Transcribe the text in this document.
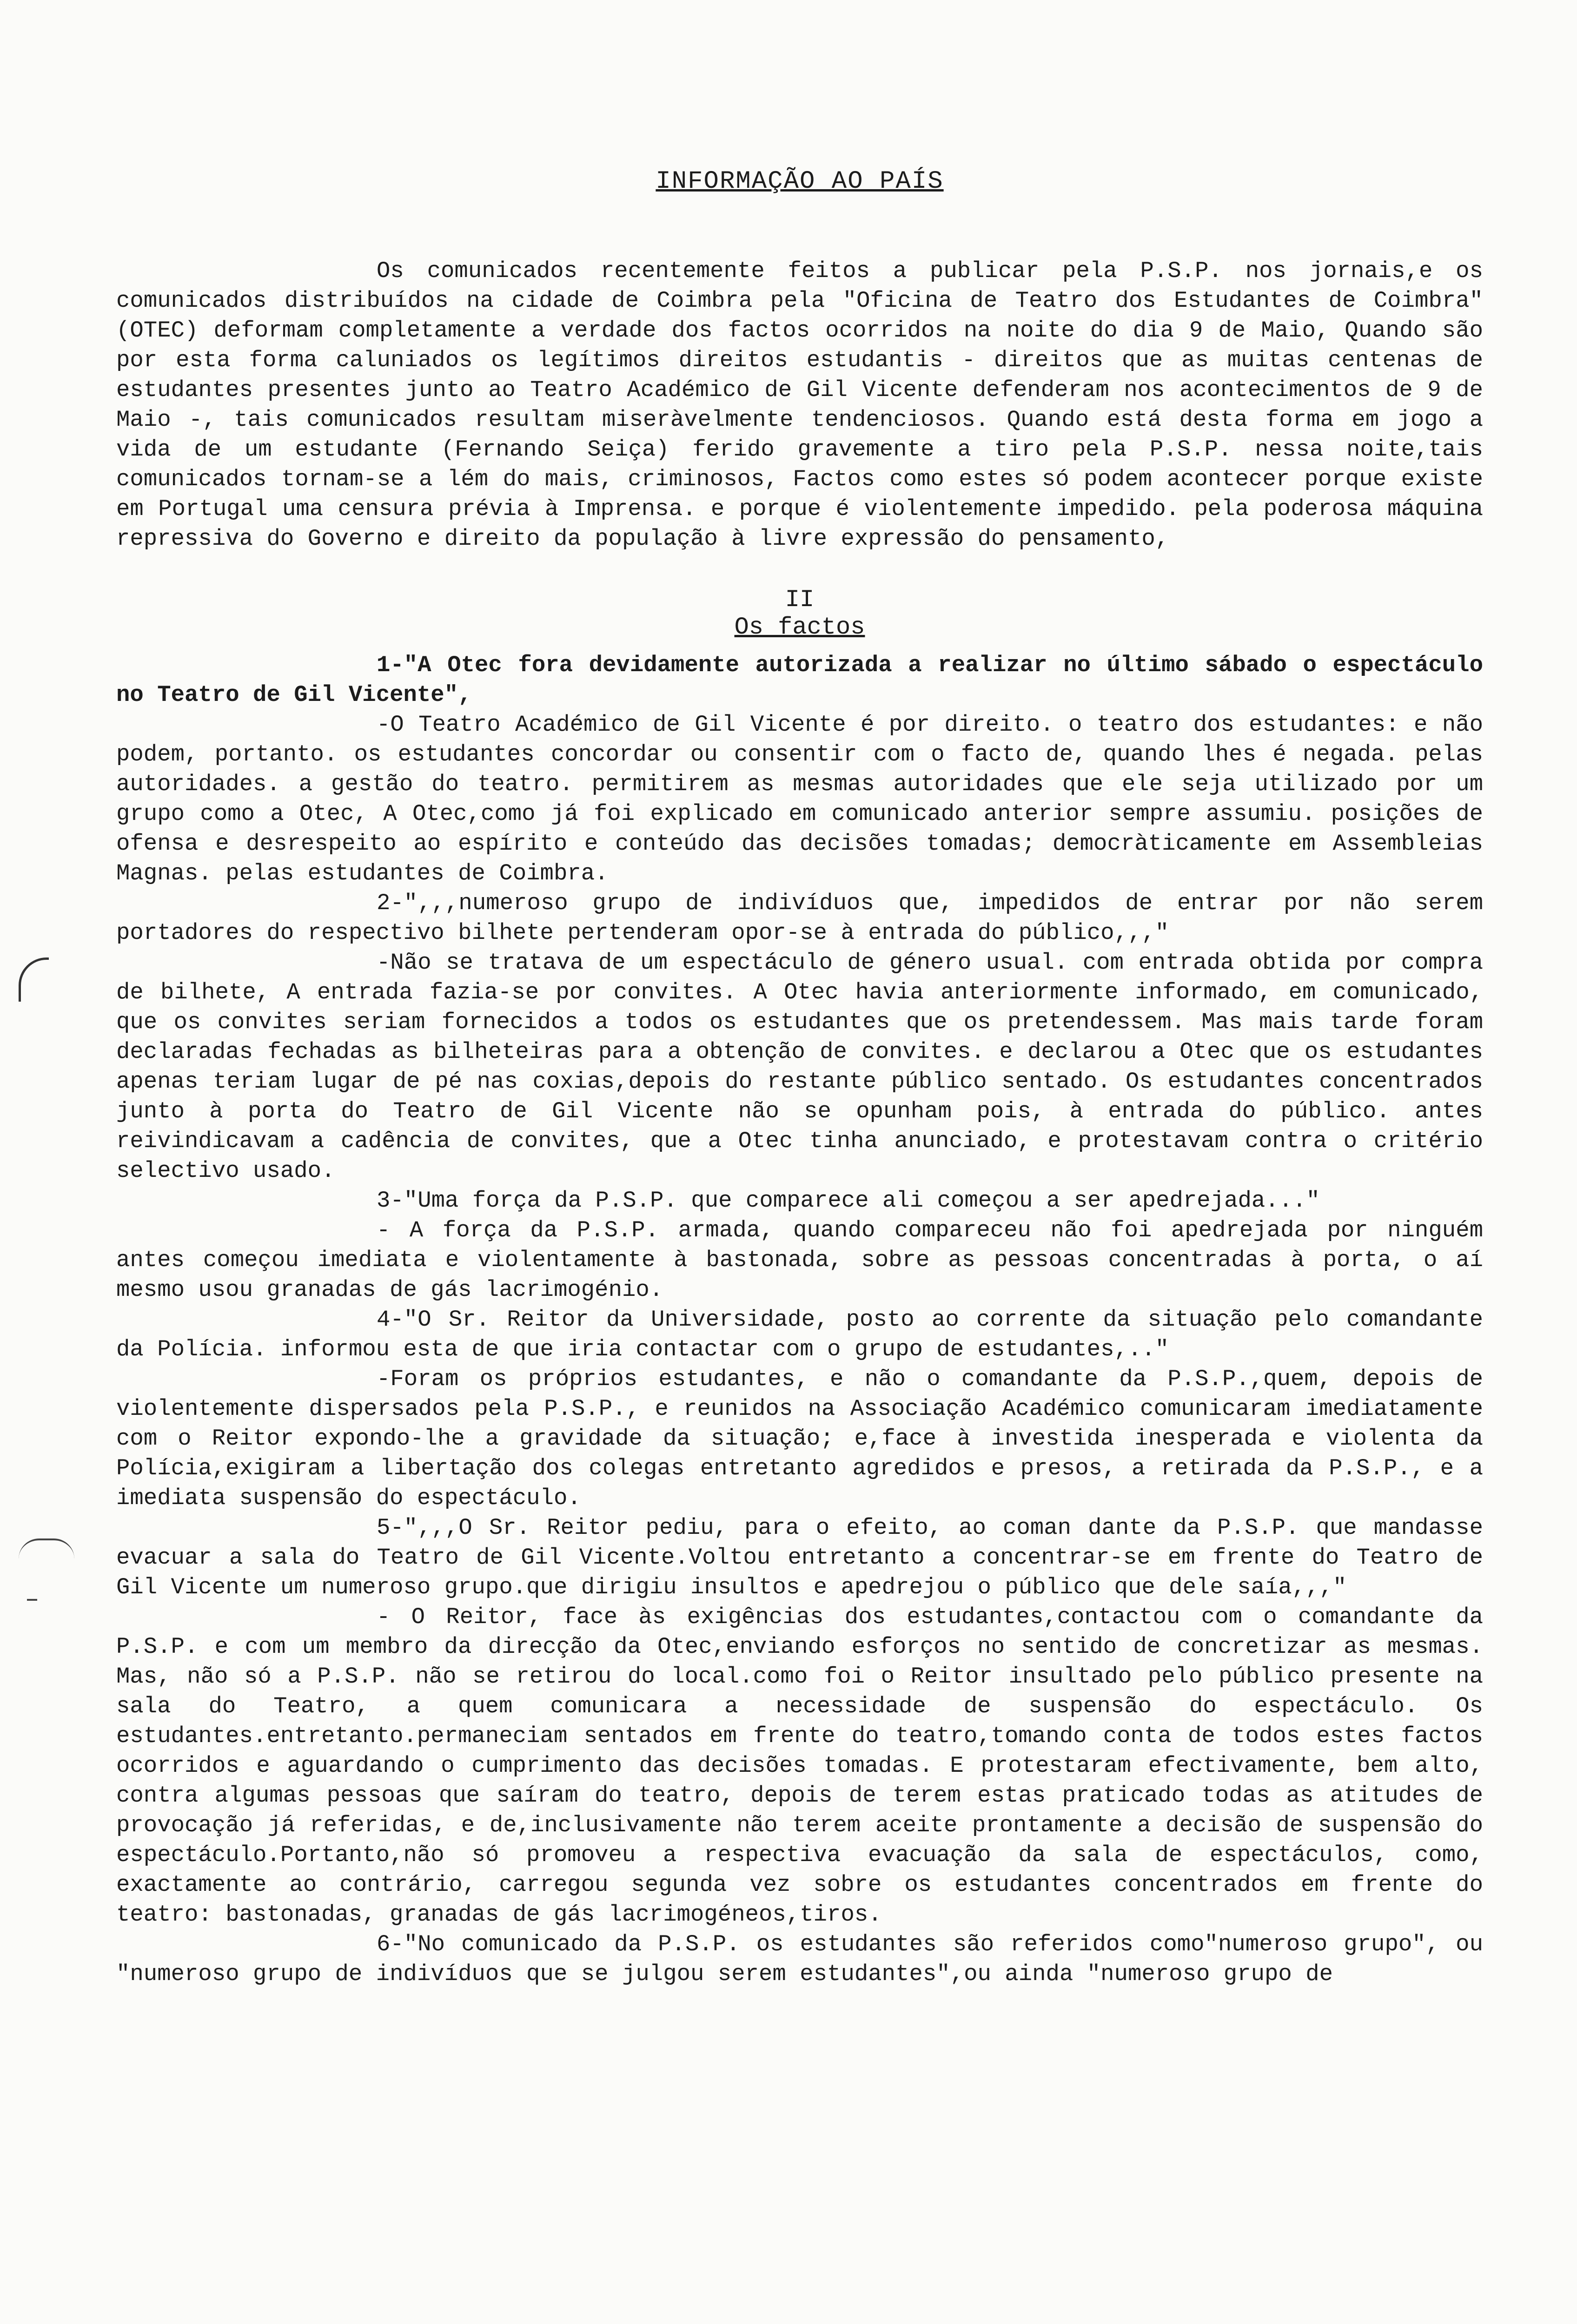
INFORMAÇÃO AO PAÍS

Os comunicados recentemente feitos a publicar pela P.S.P. nos jornais,e os comunicados distribuídos na cidade de Coimbra pela "Oficina de Teatro dos Estudantes de Coimbra" (OTEC) deformam completamente a verdade dos factos ocorridos na noite do dia 9 de Maio, Quando são por esta forma caluniados os legítimos direitos estudantis - direitos que as muitas centenas de estudantes presentes junto ao Teatro Académico de Gil Vicente defenderam nos acontecimentos de 9 de Maio -, tais comunicados resultam miseràvelmente tendenciosos. Quando está desta forma em jogo a vida de um estudante (Fernando Seiça) ferido gravemente a tiro pela P.S.P. nessa noite,tais comunicados tornam-se a lém do mais, criminosos, Factos como estes só podem acontecer porque existe em Portugal uma censura prévia à Imprensa. e porque é violentemente impedido. pela poderosa máquina repressiva do Governo e direito da população à livre expressão do pensamento,

II
Os factos

1-"A Otec fora devidamente autorizada a realizar no último sábado o espectáculo no Teatro de Gil Vicente",

-O Teatro Académico de Gil Vicente é por direito. o teatro dos estudantes: e não podem, portanto. os estudantes concordar ou consentir com o facto de, quando lhes é negada. pelas autoridades. a gestão do teatro. permitirem as mesmas autoridades que ele seja utilizado por um grupo como a Otec, A Otec,como já foi explicado em comunicado anterior sempre assumiu. posições de ofensa e desrespeito ao espírito e conteúdo das decisões tomadas; democràticamente em Assembleias Magnas. pelas estudantes de Coimbra.

2-",,,numeroso grupo de indivíduos que, impedidos de entrar por não serem portadores do respectivo bilhete pertenderam opor-se à entrada do público,,,"

-Não se tratava de um espectáculo de género usual. com entrada obtida por compra de bilhete, A entrada fazia-se por convites. A Otec havia anteriormente informado, em comunicado, que os convites seriam fornecidos a todos os estudantes que os pretendessem. Mas mais tarde foram declaradas fechadas as bilheteiras para a obtenção de convites. e declarou a Otec que os estudantes apenas teriam lugar de pé nas coxias,depois do restante público sentado. Os estudantes concentrados junto à porta do Teatro de Gil Vicente não se opunham pois, à entrada do público. antes reivindicavam a cadência de convites, que a Otec tinha anunciado, e protestavam contra o critério selectivo usado.

3-"Uma força da P.S.P. que comparece ali começou a ser apedrejada..."

- A força da P.S.P. armada, quando compareceu não foi apedrejada por ninguém antes começou imediata e violentamente à bastonada, sobre as pessoas concentradas à porta, o aí mesmo usou granadas de gás lacrimogénio.

4-"O Sr. Reitor da Universidade, posto ao corrente da situação pelo comandante da Polícia. informou esta de que iria contactar com o grupo de estudantes,.."

-Foram os próprios estudantes, e não o comandante da P.S.P.,quem, depois de violentemente dispersados pela P.S.P., e reunidos na Associação Académico comunicaram imediatamente com o Reitor expondo-lhe a gravidade da situação; e,face à investida inesperada e violenta da Polícia,exigiram a libertação dos colegas entretanto agredidos e presos, a retirada da P.S.P., e a imediata suspensão do espectáculo.

5-",,,O Sr. Reitor pediu, para o efeito, ao coman dante da P.S.P. que mandasse evacuar a sala do Teatro de Gil Vicente.Voltou entretanto a concentrar-se em frente do Teatro de Gil Vicente um numeroso grupo.que dirigiu insultos e apedrejou o público que dele saía,,,"

- O Reitor, face às exigências dos estudantes,contactou com o comandante da P.S.P. e com um membro da direcção da Otec,enviando esforços no sentido de concretizar as mesmas. Mas, não só a P.S.P. não se retirou do local.como foi o Reitor insultado pelo público presente na sala do Teatro, a quem comunicara a necessidade de suspensão do espectáculo. Os estudantes.entretanto.permaneciam sentados em frente do teatro,tomando conta de todos estes factos ocorridos e aguardando o cumprimento das decisões tomadas. E protestaram efectivamente, bem alto, contra algumas pessoas que saíram do teatro, depois de terem estas praticado todas as atitudes de provocação já referidas, e de,inclusivamente não terem aceite prontamente a decisão de suspensão do espectáculo.Portanto,não só promoveu a respectiva evacuação da sala de espectáculos, como, exactamente ao contrário, carregou segunda vez sobre os estudantes concentrados em frente do teatro: bastonadas, granadas de gás lacrimogéneos,tiros.

6-"No comunicado da P.S.P. os estudantes são referidos como"numeroso grupo", ou "numeroso grupo de indivíduos que se julgou serem estudantes",ou ainda "numeroso grupo de
